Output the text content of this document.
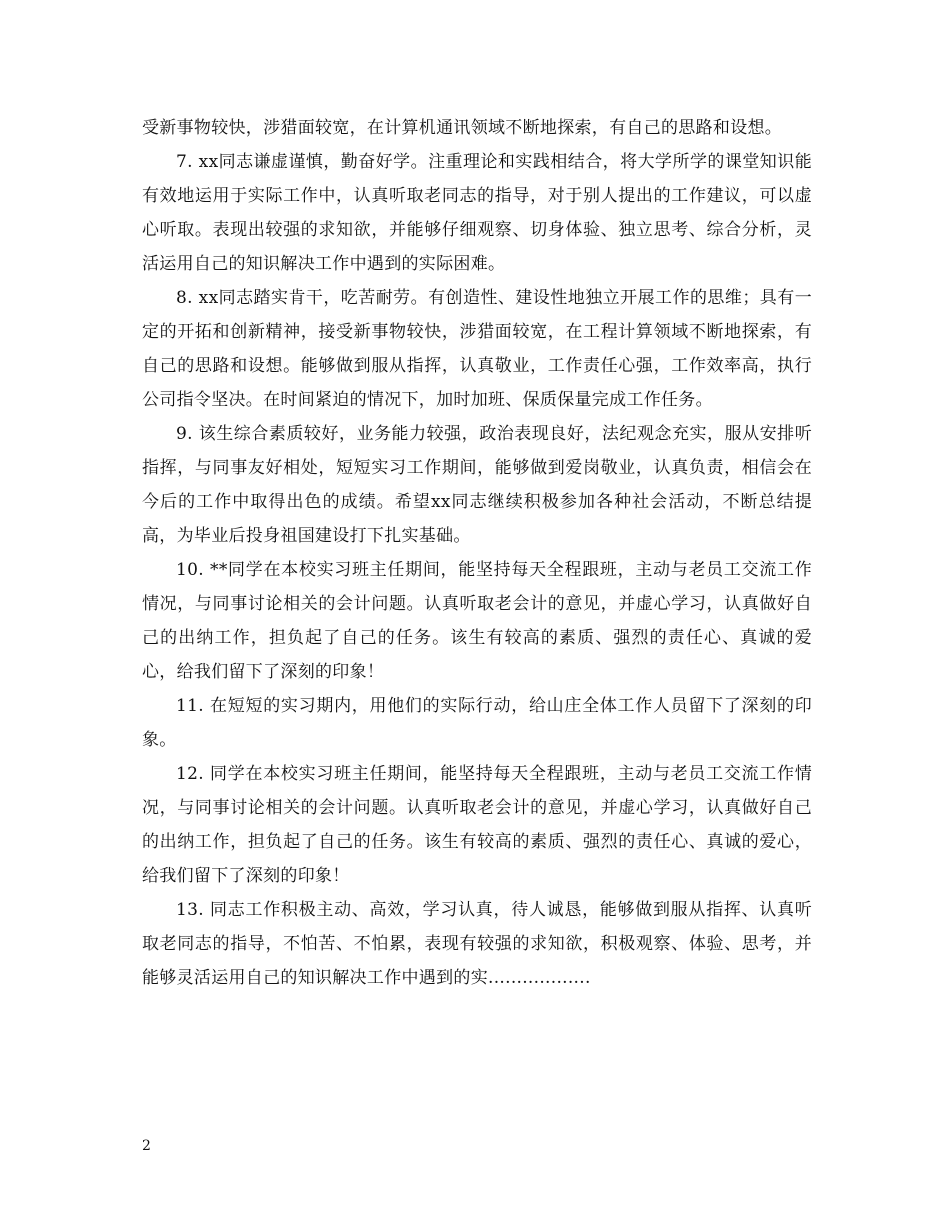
受新事物较快，涉猎面较宽，在计算机通讯领域不断地探索，有自己的思路和设想。

7. xx同志谦虚谨慎，勤奋好学。注重理论和实践相结合，将大学所学的课堂知识能有效地运用于实际工作中，认真听取老同志的指导，对于别人提出的工作建议，可以虚心听取。表现出较强的求知欲，并能够仔细观察、切身体验、独立思考、综合分析，灵活运用自己的知识解决工作中遇到的实际困难。

8. xx同志踏实肯干，吃苦耐劳。有创造性、建设性地独立开展工作的思维；具有一定的开拓和创新精神，接受新事物较快，涉猎面较宽，在工程计算领域不断地探索，有自己的思路和设想。能够做到服从指挥，认真敬业，工作责任心强，工作效率高，执行公司指令坚决。在时间紧迫的情况下，加时加班、保质保量完成工作任务。

9. 该生综合素质较好，业务能力较强，政治表现良好，法纪观念充实，服从安排听指挥，与同事友好相处，短短实习工作期间，能够做到爱岗敬业，认真负责，相信会在今后的工作中取得出色的成绩。希望xx同志继续积极参加各种社会活动，不断总结提高，为毕业后投身祖国建设打下扎实基础。

10. **同学在本校实习班主任期间，能坚持每天全程跟班，主动与老员工交流工作情况，与同事讨论相关的会计问题。认真听取老会计的意见，并虚心学习，认真做好自己的出纳工作，担负起了自己的任务。该生有较高的素质、强烈的责任心、真诚的爱心，给我们留下了深刻的印象！

11. 在短短的实习期内，用他们的实际行动，给山庄全体工作人员留下了深刻的印象。

12. 同学在本校实习班主任期间，能坚持每天全程跟班，主动与老员工交流工作情况，与同事讨论相关的会计问题。认真听取老会计的意见，并虚心学习，认真做好自己的出纳工作，担负起了自己的任务。该生有较高的素质、强烈的责任心、真诚的爱心，给我们留下了深刻的印象！

13. 同志工作积极主动、高效，学习认真，待人诚恳，能够做到服从指挥、认真听取老同志的指导，不怕苦、不怕累，表现有较强的求知欲，积极观察、体验、思考，并能够灵活运用自己的知识解决工作中遇到的实..................

2
